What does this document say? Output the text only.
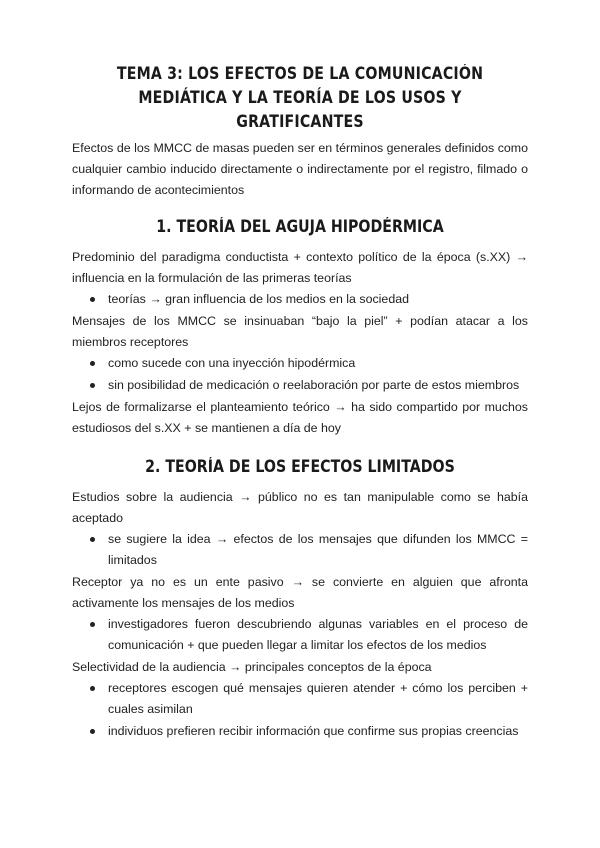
TEMA 3: LOS EFECTOS DE LA COMUNICACIÓN MEDIÁTICA Y LA TEORÍA DE LOS USOS Y GRATIFICANTES

Efectos de los MMCC de masas pueden ser en términos generales definidos como cualquier cambio inducido directamente o indirectamente por el registro, filmado o informando de acontecimientos

1. TEORÍA DEL AGUJA HIPODÉRMICA

Predominio del paradigma conductista + contexto político de la época (s.XX) → influencia en la formulación de las primeras teorías

teorías → gran influencia de los medios en la sociedad

Mensajes de los MMCC se insinuaban “bajo la piel” + podían atacar a los miembros receptores

como sucede con una inyección hipodérmica
sin posibilidad de medicación o reelaboración por parte de estos miembros

Lejos de formalizarse el planteamiento teórico → ha sido compartido por muchos estudiosos del s.XX + se mantienen a día de hoy

2. TEORÍA DE LOS EFECTOS LIMITADOS

Estudios sobre la audiencia → público no es tan manipulable como se había aceptado

se sugiere la idea → efectos de los mensajes que difunden los MMCC = limitados

Receptor ya no es un ente pasivo → se convierte en alguien que afronta activamente los mensajes de los medios

investigadores fueron descubriendo algunas variables en el proceso de comunicación + que pueden llegar a limitar los efectos de los medios

Selectividad de la audiencia → principales conceptos de la época

receptores escogen qué mensajes quieren atender + cómo los perciben + cuales asimilan
individuos prefieren recibir información que confirme sus propias creencias
